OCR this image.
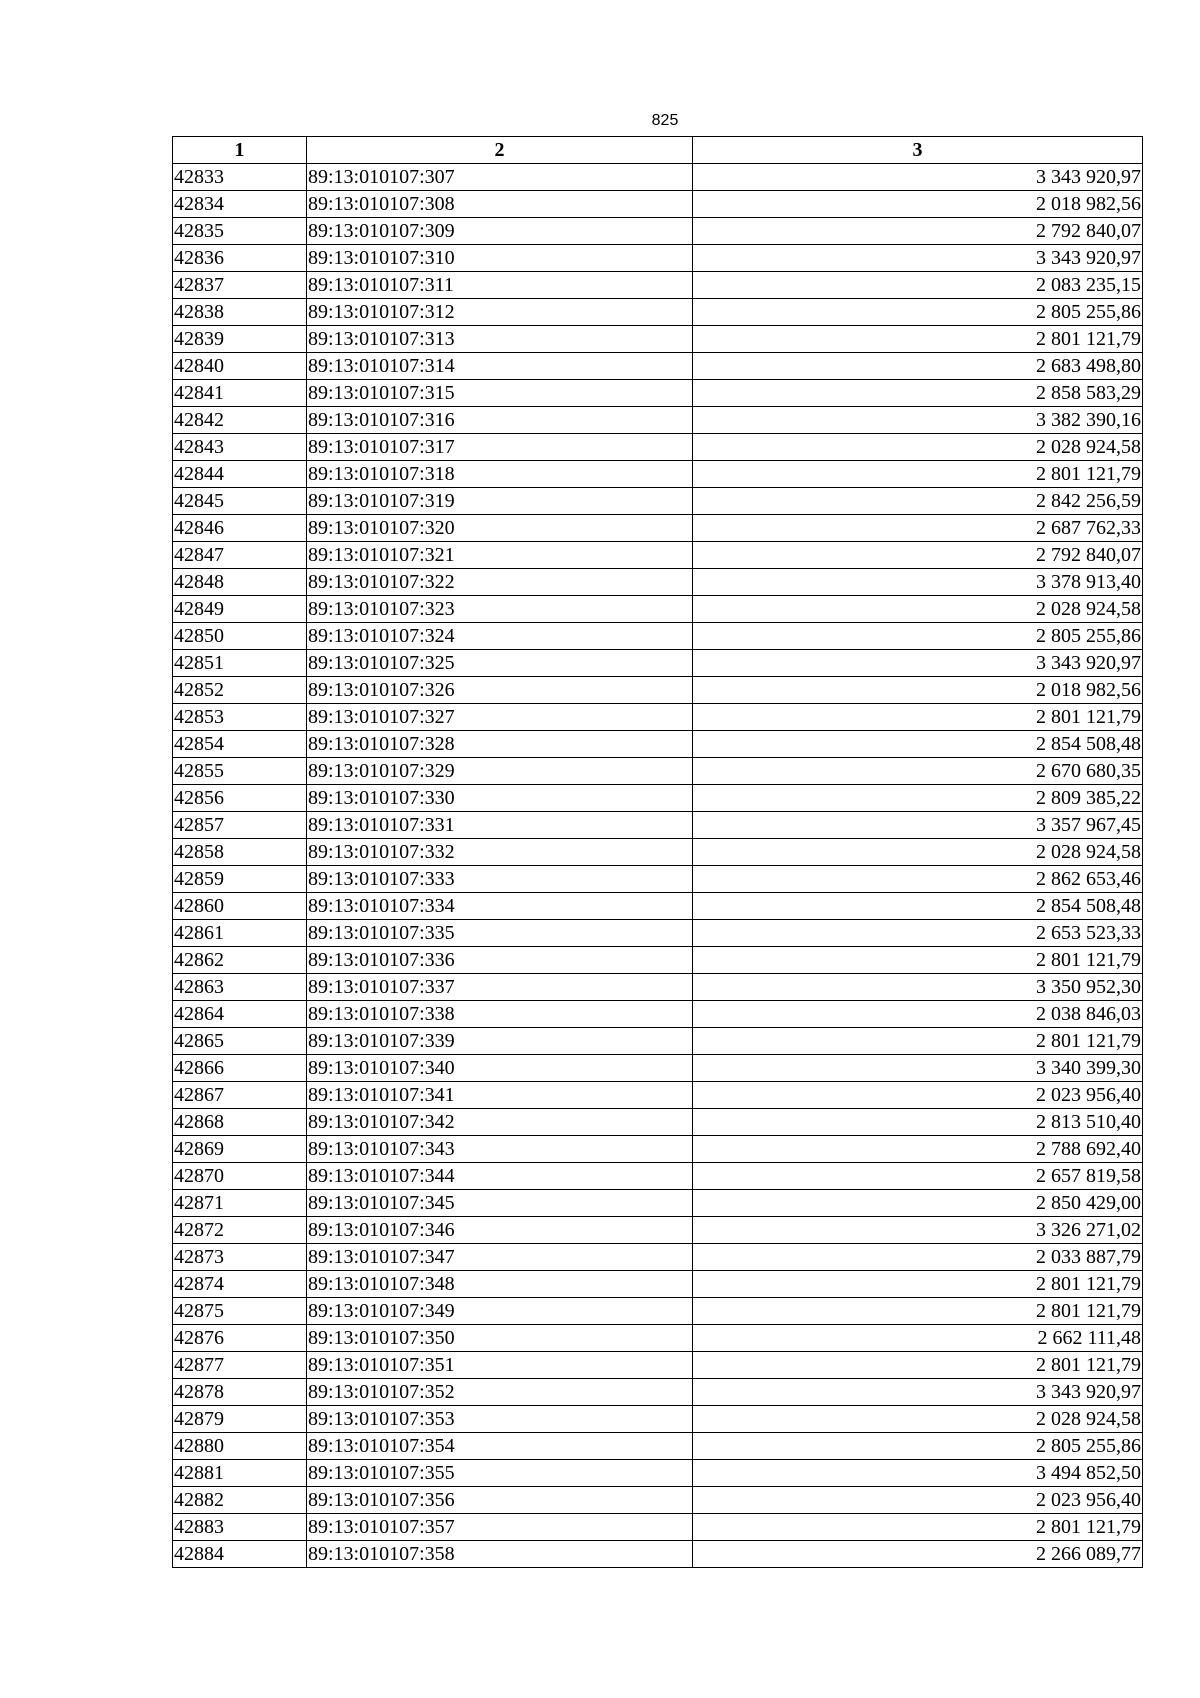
825
1	2	3
42833	89:13:010107:307	3 343 920,97
42834	89:13:010107:308	2 018 982,56
42835	89:13:010107:309	2 792 840,07
42836	89:13:010107:310	3 343 920,97
42837	89:13:010107:311	2 083 235,15
42838	89:13:010107:312	2 805 255,86
42839	89:13:010107:313	2 801 121,79
42840	89:13:010107:314	2 683 498,80
42841	89:13:010107:315	2 858 583,29
42842	89:13:010107:316	3 382 390,16
42843	89:13:010107:317	2 028 924,58
42844	89:13:010107:318	2 801 121,79
42845	89:13:010107:319	2 842 256,59
42846	89:13:010107:320	2 687 762,33
42847	89:13:010107:321	2 792 840,07
42848	89:13:010107:322	3 378 913,40
42849	89:13:010107:323	2 028 924,58
42850	89:13:010107:324	2 805 255,86
42851	89:13:010107:325	3 343 920,97
42852	89:13:010107:326	2 018 982,56
42853	89:13:010107:327	2 801 121,79
42854	89:13:010107:328	2 854 508,48
42855	89:13:010107:329	2 670 680,35
42856	89:13:010107:330	2 809 385,22
42857	89:13:010107:331	3 357 967,45
42858	89:13:010107:332	2 028 924,58
42859	89:13:010107:333	2 862 653,46
42860	89:13:010107:334	2 854 508,48
42861	89:13:010107:335	2 653 523,33
42862	89:13:010107:336	2 801 121,79
42863	89:13:010107:337	3 350 952,30
42864	89:13:010107:338	2 038 846,03
42865	89:13:010107:339	2 801 121,79
42866	89:13:010107:340	3 340 399,30
42867	89:13:010107:341	2 023 956,40
42868	89:13:010107:342	2 813 510,40
42869	89:13:010107:343	2 788 692,40
42870	89:13:010107:344	2 657 819,58
42871	89:13:010107:345	2 850 429,00
42872	89:13:010107:346	3 326 271,02
42873	89:13:010107:347	2 033 887,79
42874	89:13:010107:348	2 801 121,79
42875	89:13:010107:349	2 801 121,79
42876	89:13:010107:350	2 662 111,48
42877	89:13:010107:351	2 801 121,79
42878	89:13:010107:352	3 343 920,97
42879	89:13:010107:353	2 028 924,58
42880	89:13:010107:354	2 805 255,86
42881	89:13:010107:355	3 494 852,50
42882	89:13:010107:356	2 023 956,40
42883	89:13:010107:357	2 801 121,79
42884	89:13:010107:358	2 266 089,77
